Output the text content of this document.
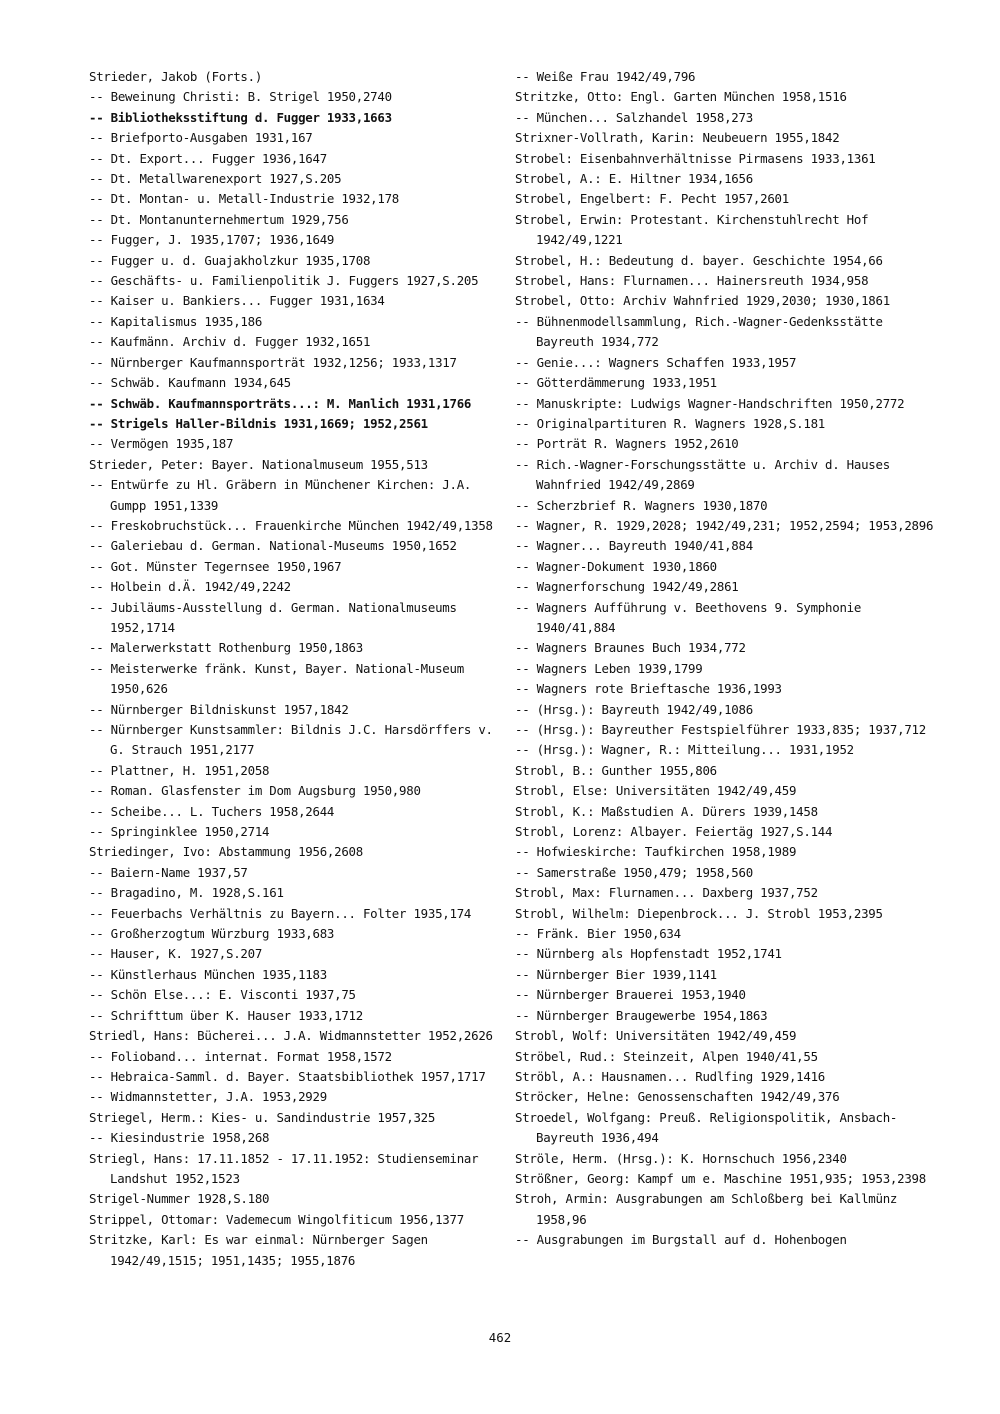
Strieder, Jakob (Forts.)
-- Beweinung Christi: B. Strigel 1950,2740
-- Bibliotheksstiftung d. Fugger 1933,1663
-- Briefporto-Ausgaben 1931,167
-- Dt. Export... Fugger 1936,1647
-- Dt. Metallwarenexport 1927,S.205
-- Dt. Montan- u. Metall-Industrie 1932,178
-- Dt. Montanunternehmertum 1929,756
-- Fugger, J. 1935,1707; 1936,1649
-- Fugger u. d. Guajakholzkur 1935,1708
-- Geschäfts- u. Familienpolitik J. Fuggers 1927,S.205
-- Kaiser u. Bankiers... Fugger 1931,1634
-- Kapitalismus 1935,186
-- Kaufmänn. Archiv d. Fugger 1932,1651
-- Nürnberger Kaufmannsporträt 1932,1256; 1933,1317
-- Schwäb. Kaufmann 1934,645
-- Schwäb. Kaufmannsporträts...: M. Manlich 1931,1766
-- Strigels Haller-Bildnis 1931,1669; 1952,2561
-- Vermögen 1935,187
Strieder, Peter: Bayer. Nationalmuseum 1955,513
-- Entwürfe zu Hl. Gräbern in Münchener Kirchen: J.A. Gumpp 1951,1339
-- Freskobruchstück... Frauenkirche München 1942/49,1358
-- Galeriebau d. German. National-Museums 1950,1652
-- Got. Münster Tegernsee 1950,1967
-- Holbein d.Ä. 1942/49,2242
-- Jubiläums-Ausstellung d. German. Nationalmuseums 1952,1714
-- Malerwerkstatt Rothenburg 1950,1863
-- Meisterwerke fränk. Kunst, Bayer. National-Museum 1950,626
-- Nürnberger Bildniskunst 1957,1842
-- Nürnberger Kunstsammler: Bildnis J.C. Harsdörffers v. G. Strauch 1951,2177
-- Plattner, H. 1951,2058
-- Roman. Glasfenster im Dom Augsburg 1950,980
-- Scheibe... L. Tuchers 1958,2644
-- Springinklee 1950,2714
Striedinger, Ivo: Abstammung 1956,2608
-- Baiern-Name 1937,57
-- Bragadino, M. 1928,S.161
-- Feuerbachs Verhältnis zu Bayern... Folter 1935,174
-- Großherzogtum Würzburg 1933,683
-- Hauser, K. 1927,S.207
-- Künstlerhaus München 1935,1183
-- Schön Else...: E. Visconti 1937,75
-- Schrifttum über K. Hauser 1933,1712
Striedl, Hans: Bücherei... J.A. Widmannstetter 1952,2626
-- Folioband... internat. Format 1958,1572
-- Hebraica-Samml. d. Bayer. Staatsbibliothek 1957,1717
-- Widmannstetter, J.A. 1953,2929
Striegel, Herm.: Kies- u. Sandindustrie 1957,325
-- Kiesindustrie 1958,268
Striegl, Hans: 17.11.1852 - 17.11.1952: Studienseminar Landshut 1952,1523
Strigel-Nummer 1928,S.180
Strippel, Ottomar: Vademecum Wingolfiticum 1956,1377
Stritzke, Karl: Es war einmal: Nürnberger Sagen 1942/49,1515; 1951,1435; 1955,1876
-- Weiße Frau 1942/49,796
Stritzke, Otto: Engl. Garten München 1958,1516
-- München... Salzhandel 1958,273
Strixner-Vollrath, Karin: Neubeuern 1955,1842
Strobel: Eisenbahnverhältnisse Pirmasens 1933,1361
Strobel, A.: E. Hiltner 1934,1656
Strobel, Engelbert: F. Pecht 1957,2601
Strobel, Erwin: Protestant. Kirchenstuhlrecht Hof 1942/49,1221
Strobel, H.: Bedeutung d. bayer. Geschichte 1954,66
Strobel, Hans: Flurnamen... Hainersreuth 1934,958
Strobel, Otto: Archiv Wahnfried 1929,2030; 1930,1861
-- Bühnenmodellsammlung, Rich.-Wagner-Gedenksstätte Bayreuth 1934,772
-- Genie...: Wagners Schaffen 1933,1957
-- Götterdämmerung 1933,1951
-- Manuskripte: Ludwigs Wagner-Handschriften 1950,2772
-- Originalpartituren R. Wagners 1928,S.181
-- Porträt R. Wagners 1952,2610
-- Rich.-Wagner-Forschungsstätte u. Archiv d. Hauses Wahnfried 1942/49,2869
-- Scherzbrief R. Wagners 1930,1870
-- Wagner, R. 1929,2028; 1942/49,231; 1952,2594; 1953,2896
-- Wagner... Bayreuth 1940/41,884
-- Wagner-Dokument 1930,1860
-- Wagnerforschung 1942/49,2861
-- Wagners Aufführung v. Beethovens 9. Symphonie 1940/41,884
-- Wagners Braunes Buch 1934,772
-- Wagners Leben 1939,1799
-- Wagners rote Brieftasche 1936,1993
-- (Hrsg.): Bayreuth 1942/49,1086
-- (Hrsg.): Bayreuther Festspielführer 1933,835; 1937,712
-- (Hrsg.): Wagner, R.: Mitteilung... 1931,1952
Strobl, B.: Gunther 1955,806
Strobl, Else: Universitäten 1942/49,459
Strobl, K.: Maßstudien A. Dürers 1939,1458
Strobl, Lorenz: Albayer. Feiertäg 1927,S.144
-- Hofwieskirche: Taufkirchen 1958,1989
-- Samerstraße 1950,479; 1958,560
Strobl, Max: Flurnamen... Daxberg 1937,752
Strobl, Wilhelm: Diepenbrock... J. Strobl 1953,2395
-- Fränk. Bier 1950,634
-- Nürnberg als Hopfenstadt 1952,1741
-- Nürnberger Bier 1939,1141
-- Nürnberger Brauerei 1953,1940
-- Nürnberger Braugewerbe 1954,1863
Strobl, Wolf: Universitäten 1942/49,459
Ströbel, Rud.: Steinzeit, Alpen 1940/41,55
Ströbl, A.: Hausnamen... Rudlfing 1929,1416
Ströcker, Helne: Genossenschaften 1942/49,376
Stroedel, Wolfgang: Preuß. Religionspolitik, Ansbach-Bayreuth 1936,494
Ströle, Herm. (Hrsg.): K. Hornschuch 1956,2340
Strößner, Georg: Kampf um e. Maschine 1951,935; 1953,2398
Stroh, Armin: Ausgrabungen am Schloßberg bei Kallmünz 1958,96
-- Ausgrabungen im Burgstall auf d. Hohenbogen
462
